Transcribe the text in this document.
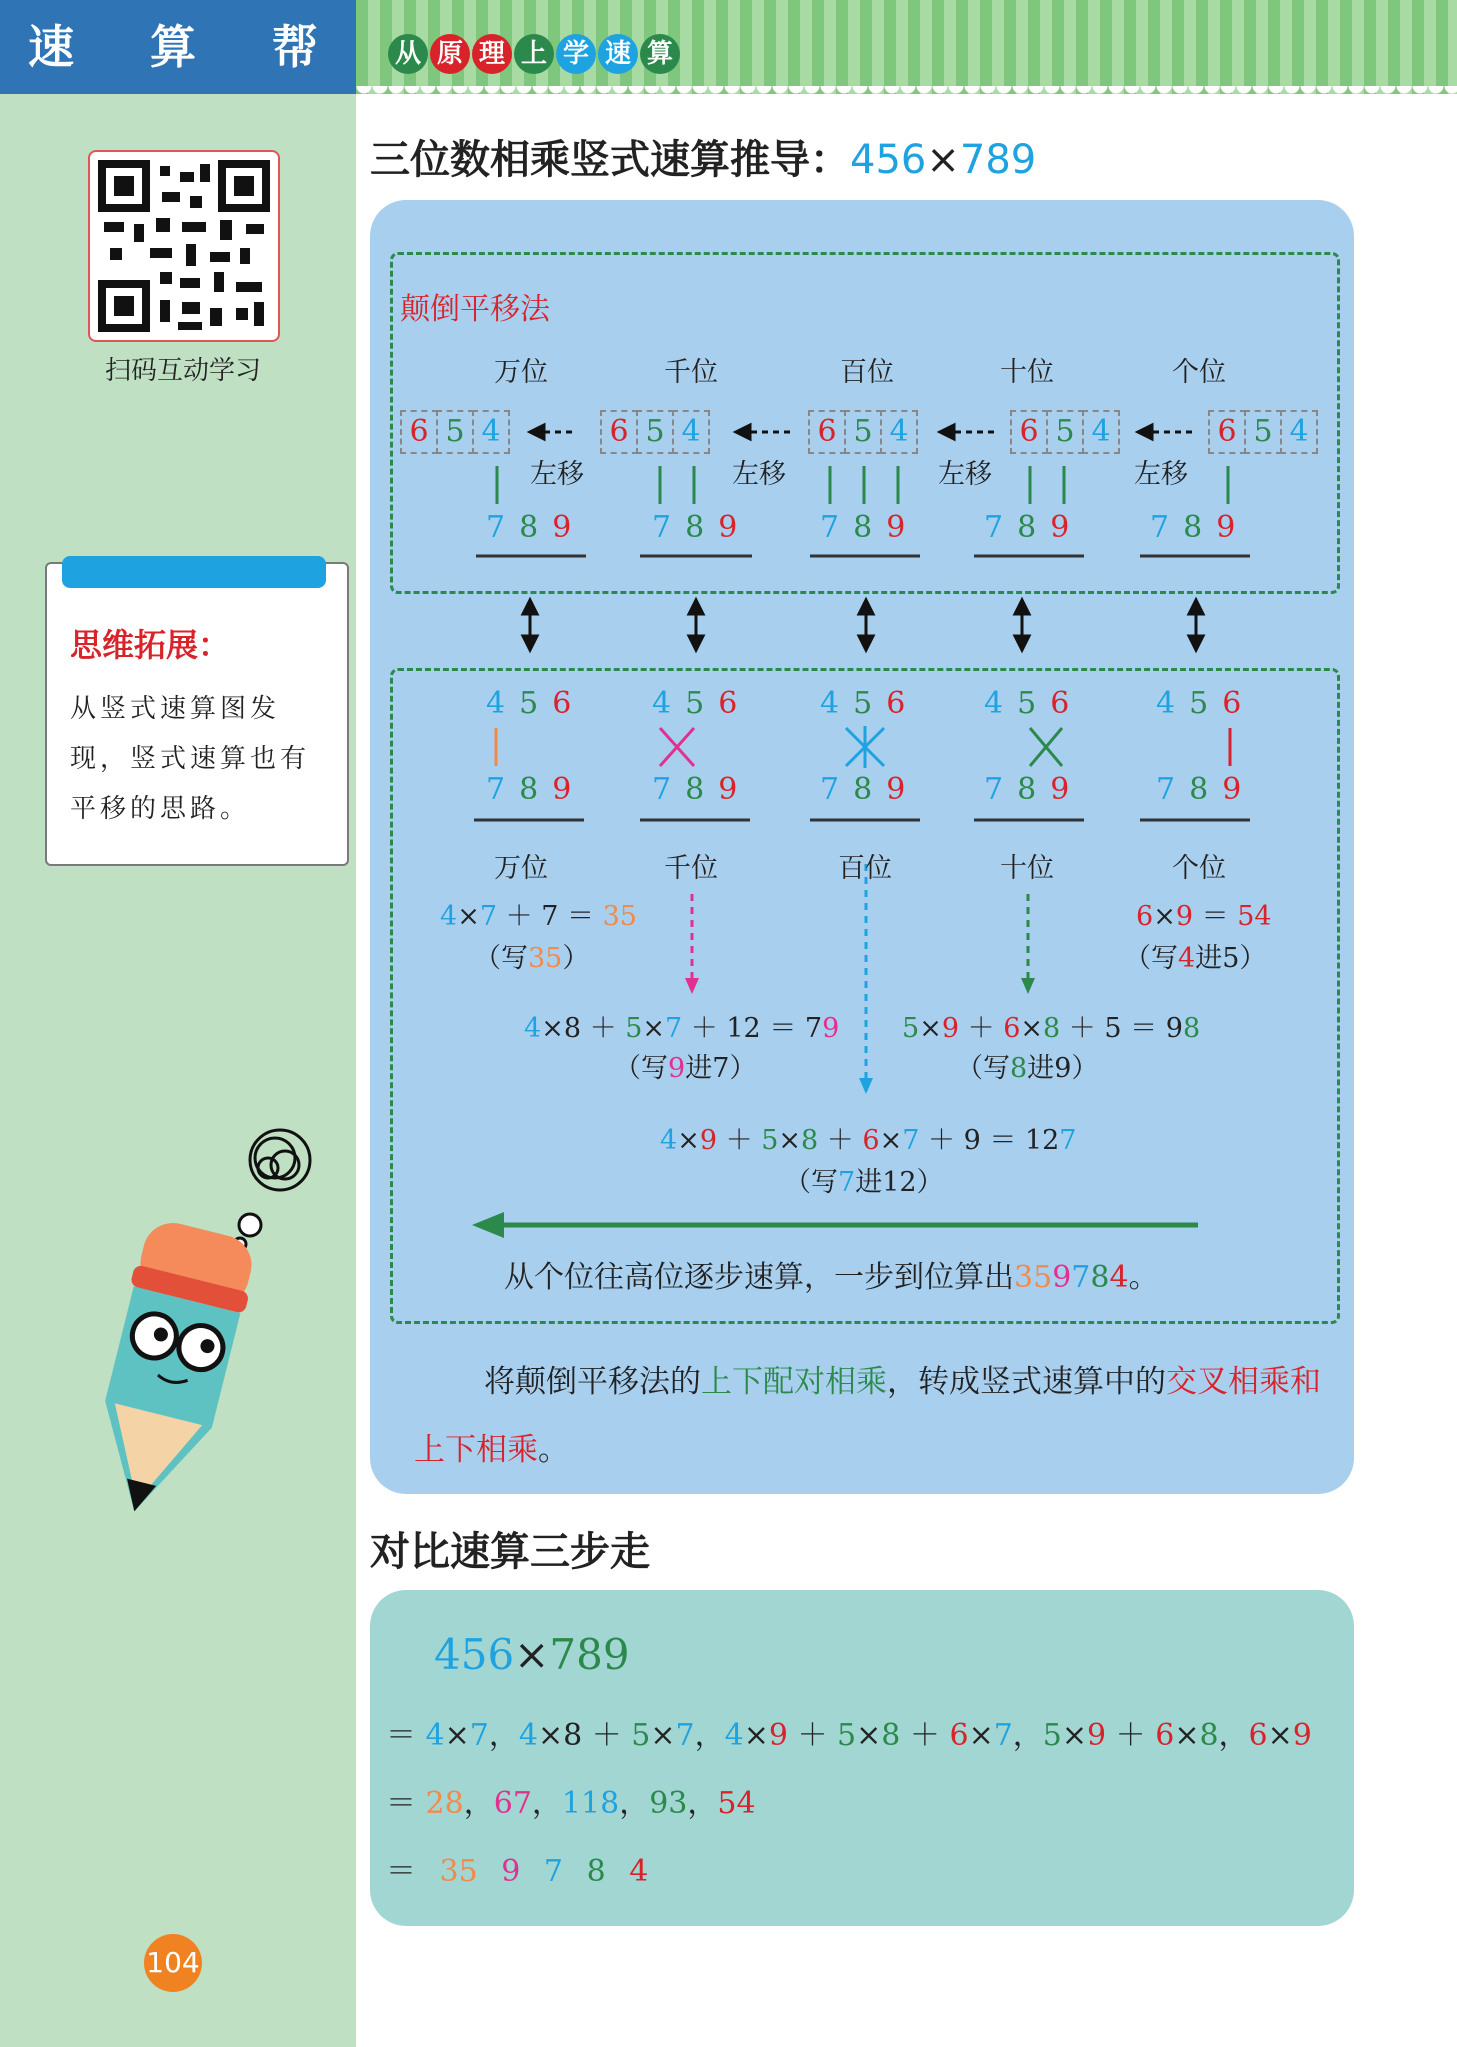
速 算 帮	从 原 理 上 学 速 算
扫码互动学习
思维拓展：
从竖式速算图发现，竖式速算也有平移的思路。
104
三位数相乘竖式速算推导：456×789
颠倒平移法
万位	千位	百位	十位	个位
6 5 4	6 5 4	6 5 4	6 5 4	6 5 4
左移	左移	左移	左移
789 789 789 789 789
456 456 456 456 456
789 789 789 789 789
万位	千位	百位	十位	个位
4×7 ＋ 7 ＝ 35
（写35）
6×9 ＝ 54
（写4进5）
4×8 ＋ 5×7 ＋ 12 ＝ 79
（写9进7）
5×9 ＋ 6×8 ＋ 5 ＝ 98
（写8进9）
4×9 ＋ 5×8 ＋ 6×7 ＋ 9 ＝ 127
（写7进12）
从个位往高位逐步速算，一步到位算出359784。
将颠倒平移法的上下配对相乘，转成竖式速算中的交叉相乘和上下相乘。
对比速算三步走
456×789
＝ 4×7，4×8 ＋ 5×7，4×9 ＋ 5×8 ＋ 6×7，5×9 ＋ 6×8，6×9
＝ 28，67，118，93，54
＝ 35 9 7 8 4
